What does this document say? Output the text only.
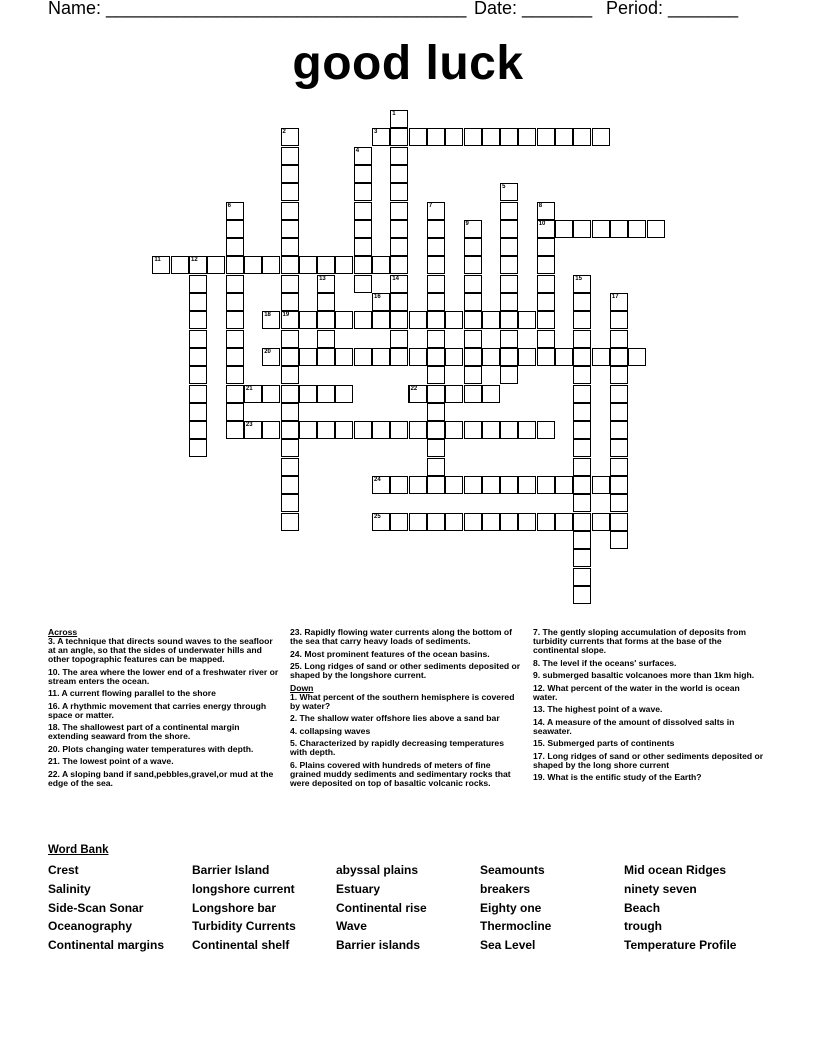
Name: ____________________________________ Date: _______ Period: _______
good luck
3
10
11	12
16
18 19
20
21	22
23
24
25
1
14
2
4
5
6	7	8
9
13	15
17
Across

3. A technique that directs sound waves to the seafloor at an angle, so that the sides of underwater hills and other topographic features can be mapped.

10. The area where the lower end of a freshwater river or stream enters the ocean.

11. A current flowing parallel to the shore

16. A rhythmic movement that carries energy through space or matter.

18. The shallowest part of a continental margin extending seaward from the shore.

20. Plots changing water temperatures with depth.

21. The lowest point of a wave.

22. A sloping band if sand,pebbles,gravel,or mud at the edge of the sea.

23. Rapidly flowing water currents along the bottom of the sea that carry heavy loads of sediments.

24. Most prominent features of the ocean basins.

25. Long ridges of sand or other sediments deposited or shaped by the longshore current.

Down

1. What percent of the southern hemisphere is covered by water?

2. The shallow water offshore lies above a sand bar

4. collapsing waves

5. Characterized by rapidly decreasing temperatures with depth.

6. Plains covered with hundreds of meters of fine grained muddy sediments and sedimentary rocks that were deposited on top of basaltic volcanic rocks.

7. The gently sloping accumulation of deposits from turbidity currents that forms at the base of the continental slope.

8. The level if the oceans' surfaces.

9. submerged basaltic volcanoes more than 1km high.

12. What percent of the water in the world is ocean water.

13. The highest point of a wave.

14. A measure of the amount of dissolved salts in seawater.

15. Submerged parts of continents

17. Long ridges of sand or other sediments deposited or shaped by the long shore current

19. What is the entific study of the Earth?

Word Bank
Crest
Salinity
Side-Scan Sonar
Oceanography
Continental margins
Barrier Island
longshore current
Longshore bar
Turbidity Currents
Continental shelf
abyssal plains
Estuary
Continental rise
Wave
Barrier islands
Seamounts
breakers
Eighty one
Thermocline
Sea Level
Mid ocean Ridges
ninety seven
Beach
trough
Temperature Profile
